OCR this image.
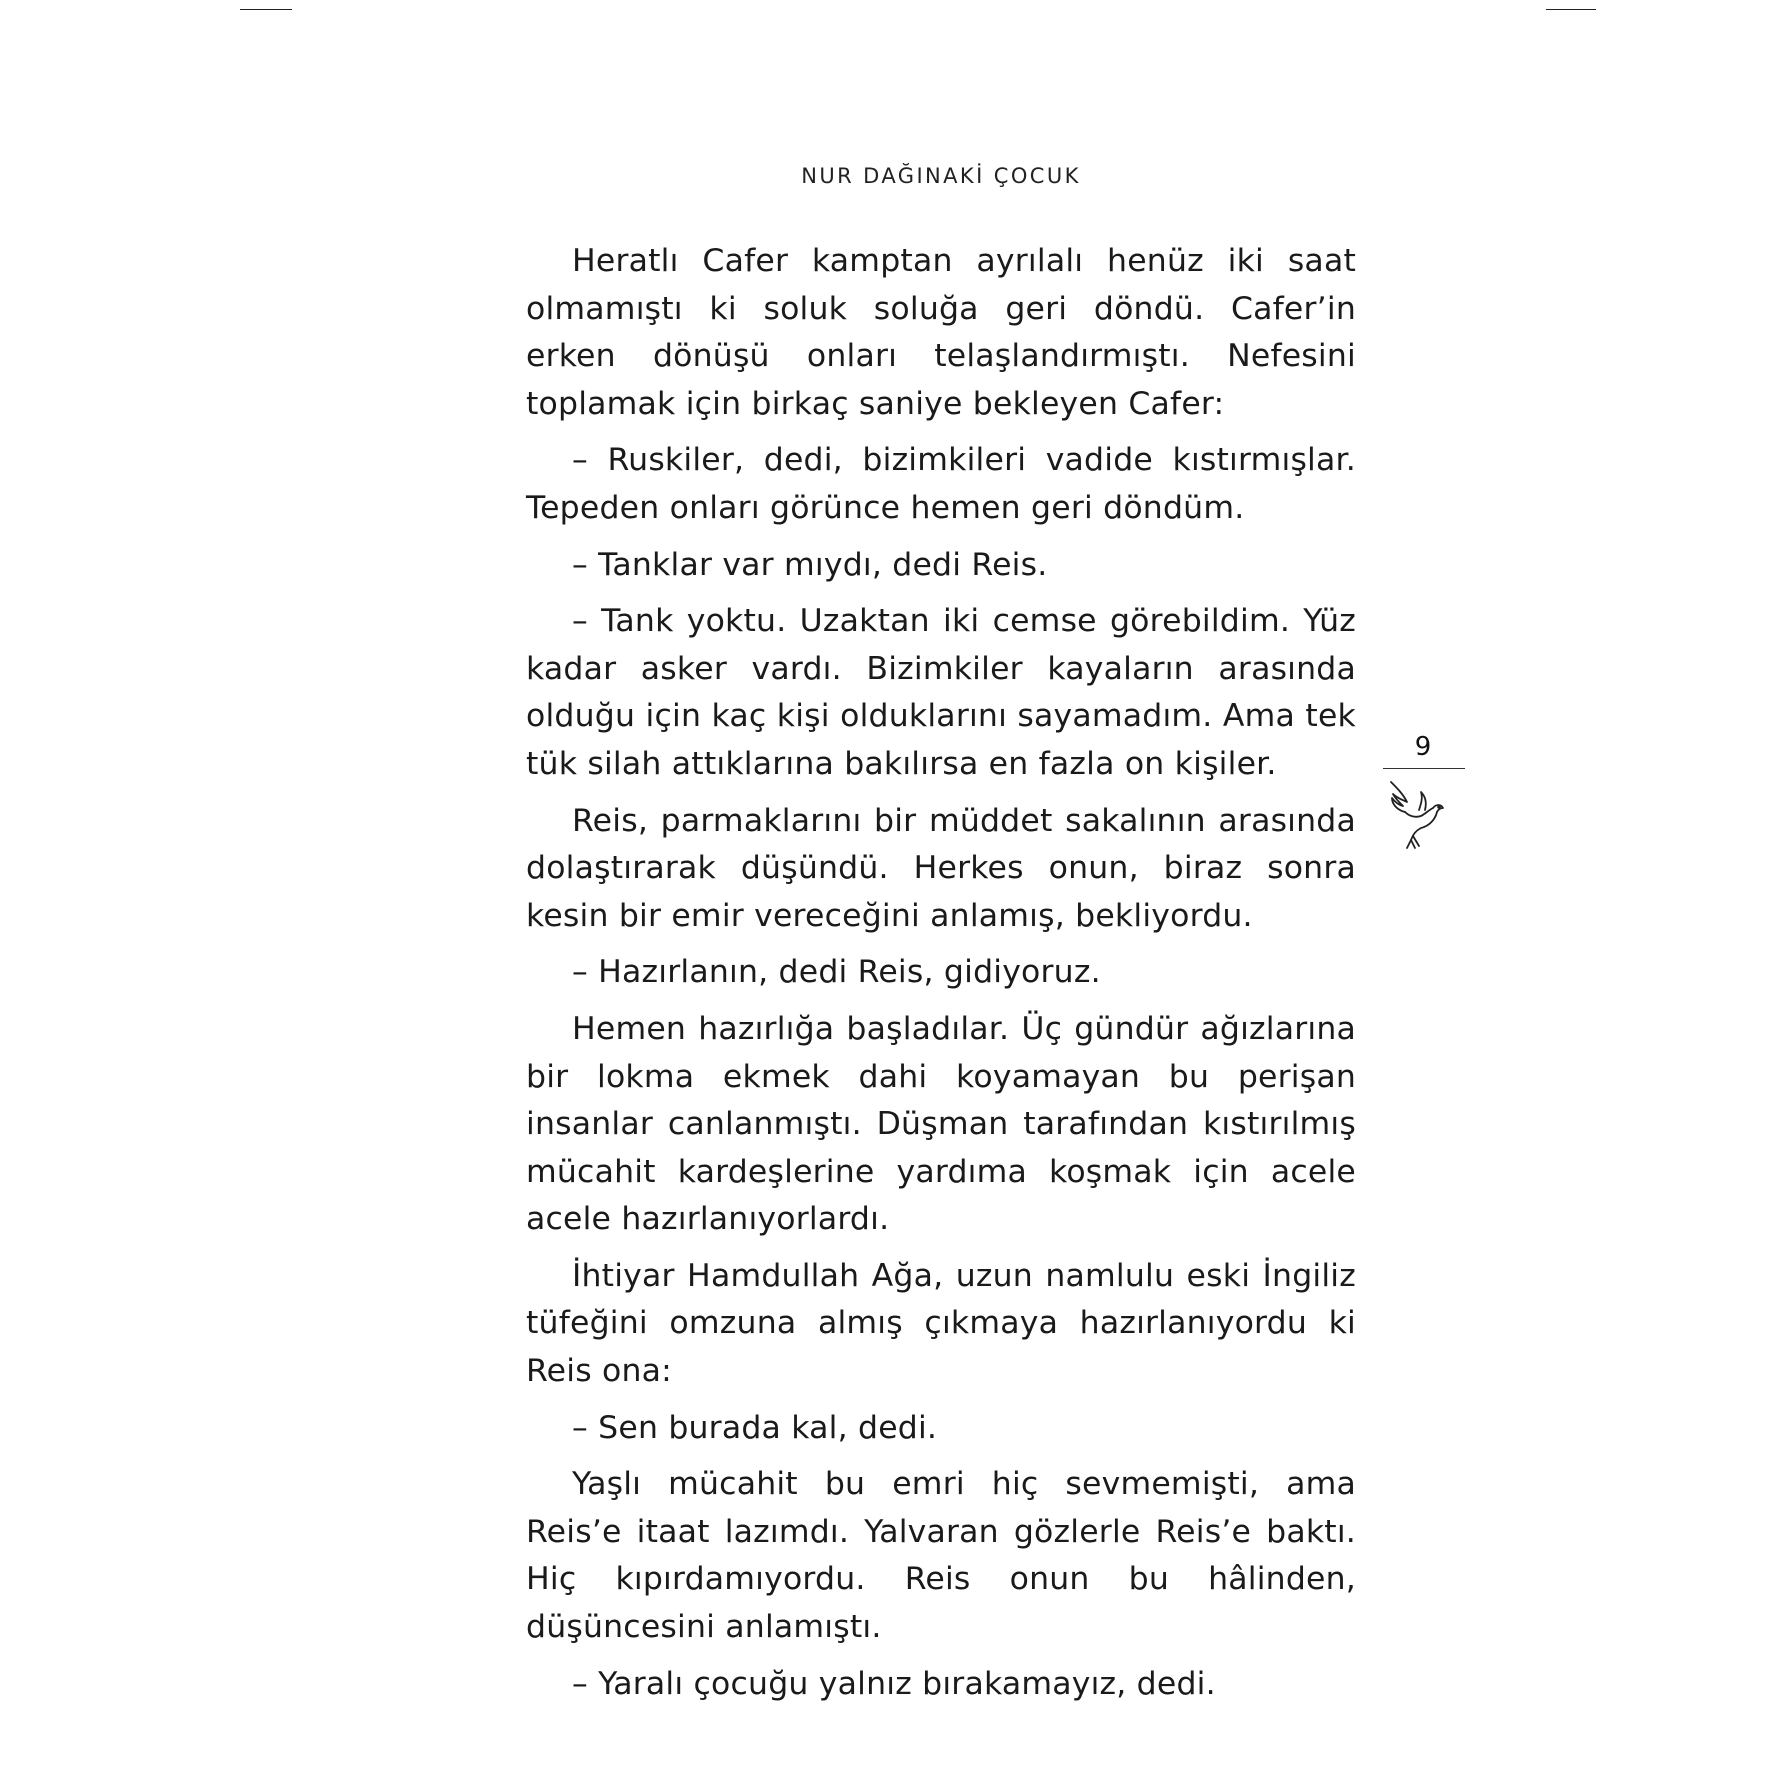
NUR DAĞINAKİ ÇOCUK

Heratlı Cafer kamptan ayrılalı henüz iki saat olmamıştı ki soluk soluğa geri döndü. Cafer’in erken dönüşü onları telaşlandırmıştı. Nefesini toplamak için birkaç saniye bekleyen Cafer:

– Ruskiler, dedi, bizimkileri vadide kıstırmışlar. Tepeden onları görünce hemen geri döndüm.

– Tanklar var mıydı, dedi Reis.

– Tank yoktu. Uzaktan iki cemse görebildim. Yüz kadar asker vardı. Bizimkiler kayaların arasında olduğu için kaç kişi olduklarını sayamadım. Ama tek tük silah attıklarına bakılırsa en fazla on kişiler.

Reis, parmaklarını bir müddet sakalının arasında dolaştırarak düşündü. Herkes onun, biraz sonra kesin bir emir vereceğini anlamış, bekliyordu.

– Hazırlanın, dedi Reis, gidiyoruz.

Hemen hazırlığa başladılar. Üç gündür ağızlarına bir lokma ekmek dahi koyamayan bu perişan insanlar canlanmıştı. Düşman tarafından kıstırılmış mücahit kardeşlerine yardıma koşmak için acele acele hazırlanıyorlardı.

İhtiyar Hamdullah Ağa, uzun namlulu eski İngiliz tüfeğini omzuna almış çıkmaya hazırlanıyordu ki Reis ona:

– Sen burada kal, dedi.

Yaşlı mücahit bu emri hiç sevmemişti, ama Reis’e itaat lazımdı. Yalvaran gözlerle Reis’e baktı. Hiç kıpırdamıyordu. Reis onun bu hâlinden, düşüncesini anlamıştı.

– Yaralı çocuğu yalnız bırakamayız, dedi.

9
